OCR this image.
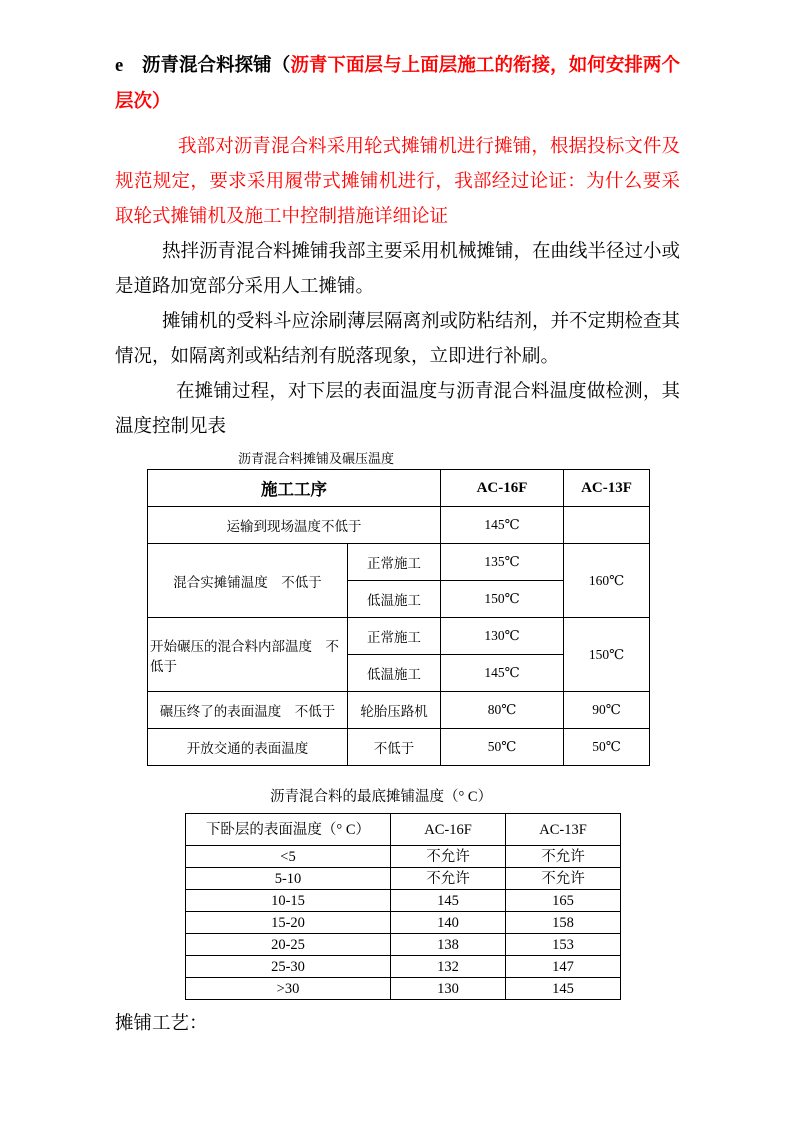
e　沥青混合料探铺（沥青下面层与上面层施工的衔接，如何安排两个层次）

我部对沥青混合料采用轮式摊铺机进行摊铺，根据投标文件及规范规定，要求采用履带式摊铺机进行，我部经过论证：为什么要采取轮式摊铺机及施工中控制措施详细论证

热拌沥青混合料摊铺我部主要采用机械摊铺，在曲线半径过小或是道路加宽部分采用人工摊铺。

摊铺机的受料斗应涂刷薄层隔离剂或防粘结剂，并不定期检查其情况，如隔离剂或粘结剂有脱落现象，立即进行补刷。

在摊铺过程，对下层的表面温度与沥青混合料温度做检测，其温度控制见表

沥青混合料摊铺及碾压温度
施工工序		AC-16F	AC-13F
运输到现场温度不低于		145℃	
混合实摊铺温度　不低于	正常施工	135℃	160℃
	低温施工	150℃	
开始碾压的混合料内部温度　不低于	正常施工	130℃	150℃
	低温施工	145℃	
碾压终了的表面温度　不低于	轮胎压路机	80℃	90℃
开放交通的表面温度	不低于	50℃	50℃
沥青混合料的最底摊铺温度（° C）
下卧层的表面温度（° C）	AC-16F	AC-13F
<5	不允许	不允许
5-10	不允许	不允许
10-15	145	165
15-20	140	158
20-25	138	153
25-30	132	147
>30	130	145
摊铺工艺：
